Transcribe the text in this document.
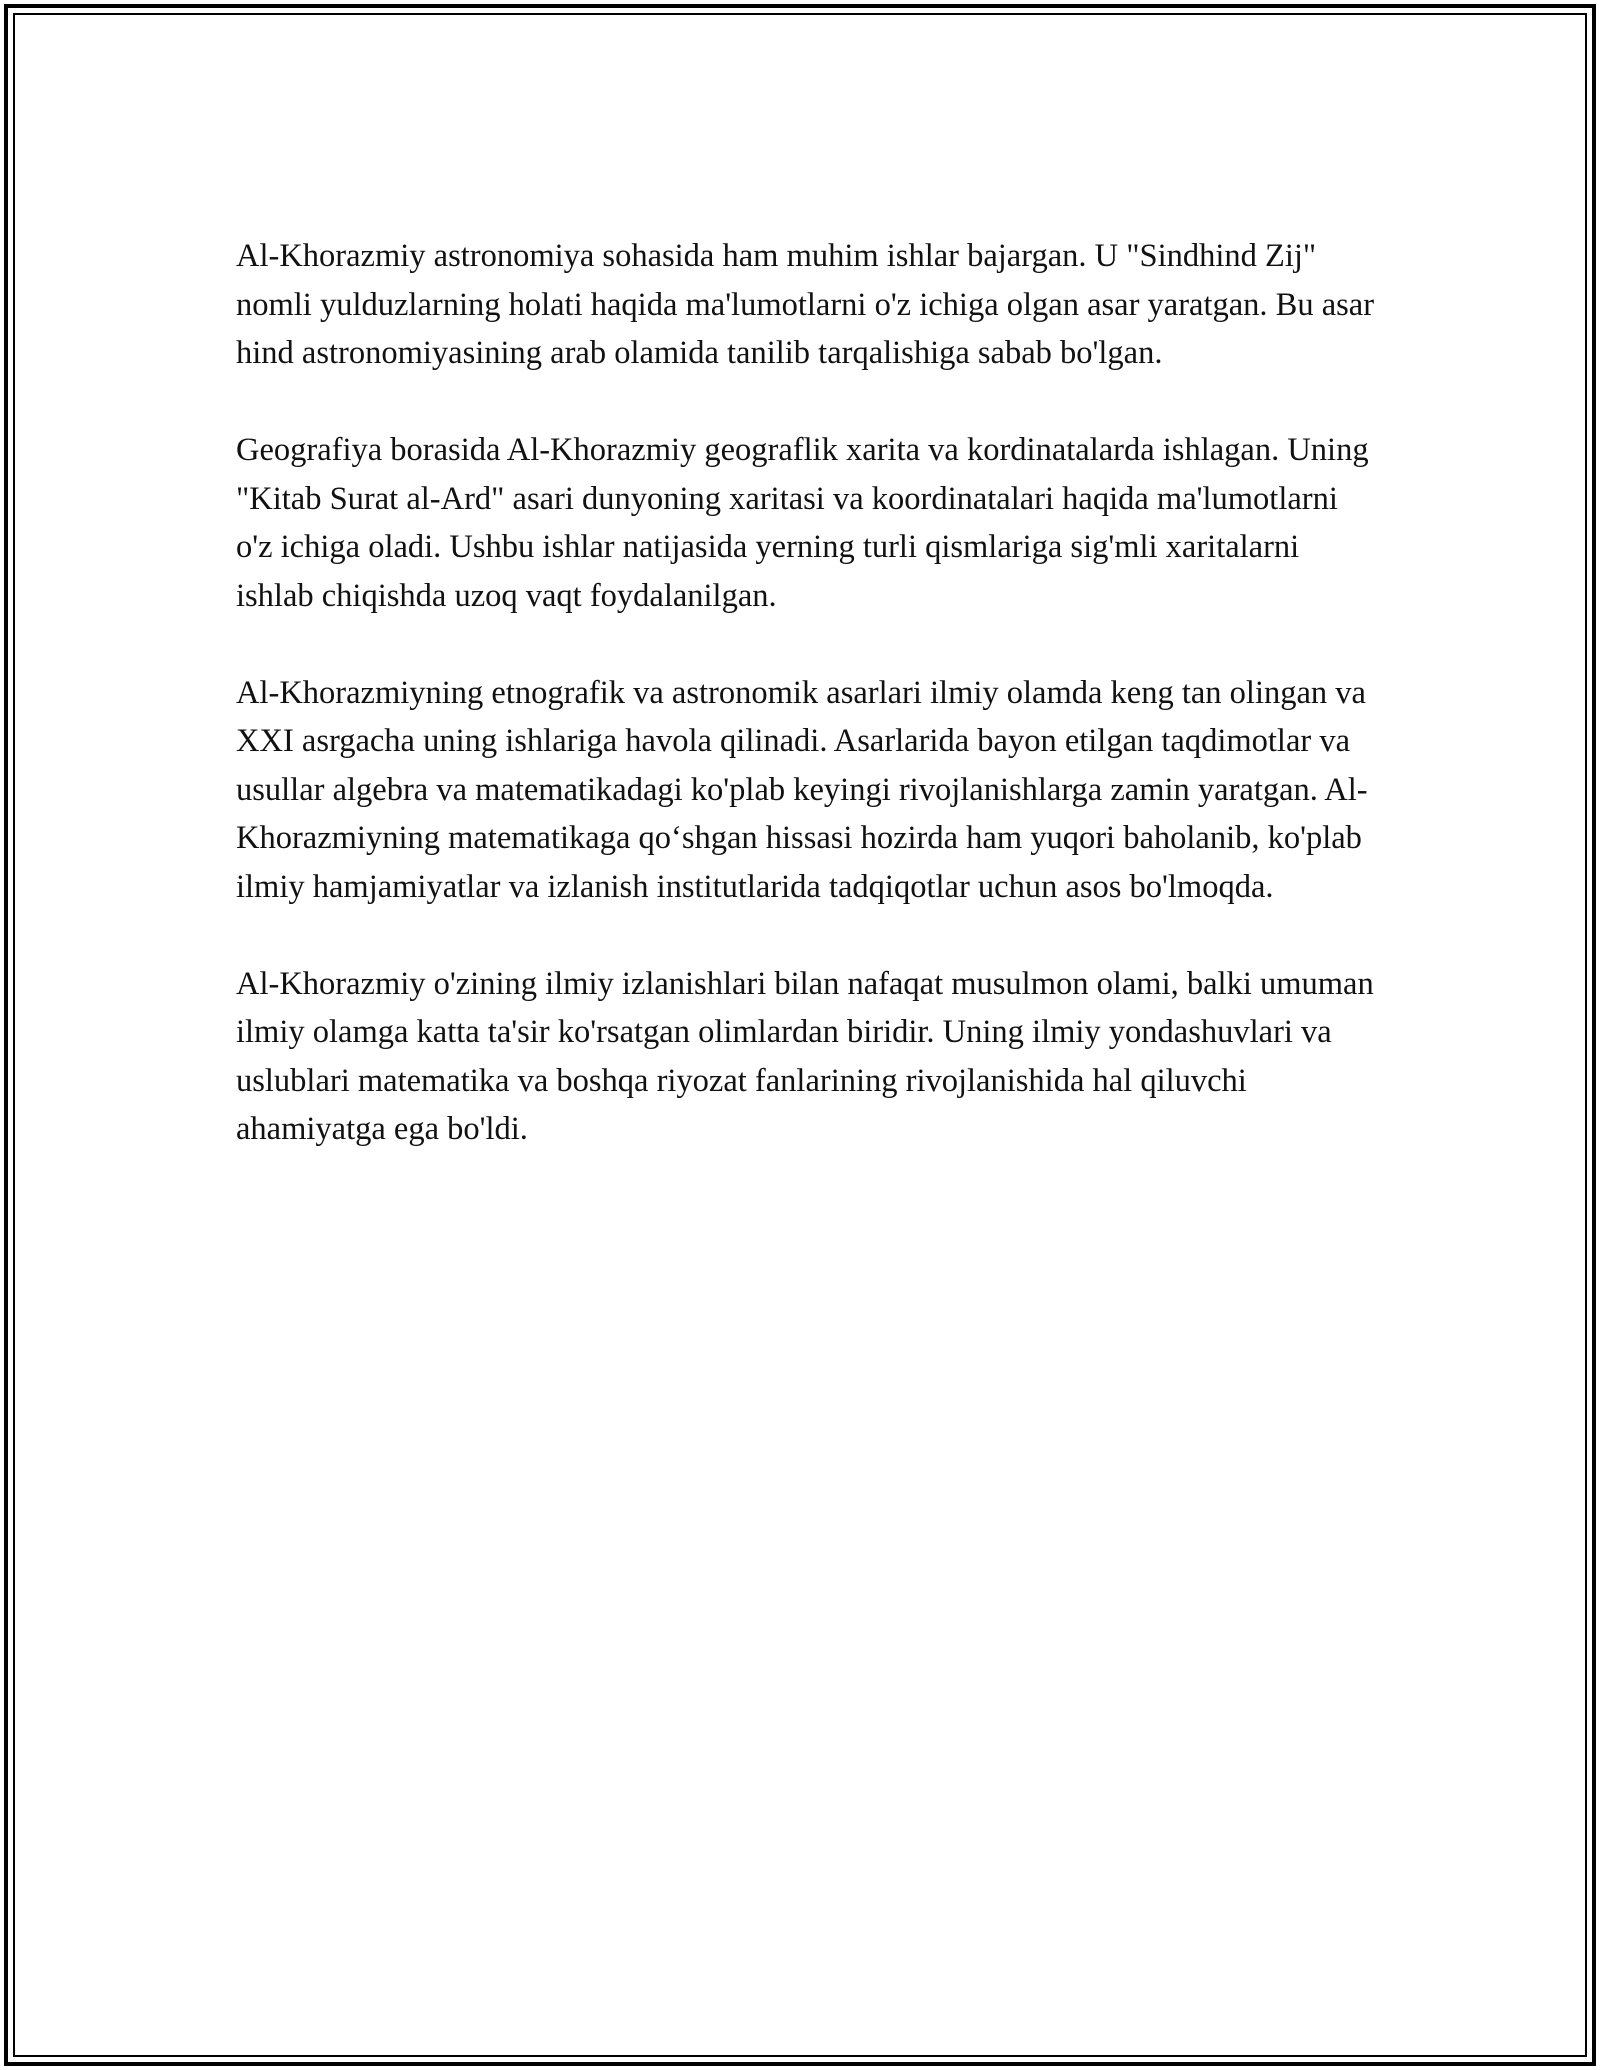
Al-Khorazmiy astronomiya sohasida ham muhim ishlar bajargan. U "Sindhind Zij" nomli yulduzlarning holati haqida ma'lumotlarni o'z ichiga olgan asar yaratgan. Bu asar hind astronomiyasining arab olamida tanilib tarqalishiga sabab bo'lgan.

Geografiya borasida Al-Khorazmiy geograflik xarita va kordinatalarda ishlagan. Uning "Kitab Surat al-Ard" asari dunyoning xaritasi va koordinatalari haqida ma'lumotlarni o'z ichiga oladi. Ushbu ishlar natijasida yerning turli qismlariga sig'mli xaritalarni ishlab chiqishda uzoq vaqt foydalanilgan.

Al-Khorazmiyning etnografik va astronomik asarlari ilmiy olamda keng tan olingan va XXI asrgacha uning ishlariga havola qilinadi. Asarlarida bayon etilgan taqdimotlar va usullar algebra va matematikadagi ko'plab keyingi rivojlanishlarga zamin yaratgan. Al-Khorazmiyning matematikaga qo‘shgan hissasi hozirda ham yuqori baholanib, ko'plab ilmiy hamjamiyatlar va izlanish institutlarida tadqiqotlar uchun asos bo'lmoqda.

Al-Khorazmiy o'zining ilmiy izlanishlari bilan nafaqat musulmon olami, balki umuman ilmiy olamga katta ta'sir ko'rsatgan olimlardan biridir. Uning ilmiy yondashuvlari va uslublari matematika va boshqa riyozat fanlarining rivojlanishida hal qiluvchi ahamiyatga ega bo'ldi.
